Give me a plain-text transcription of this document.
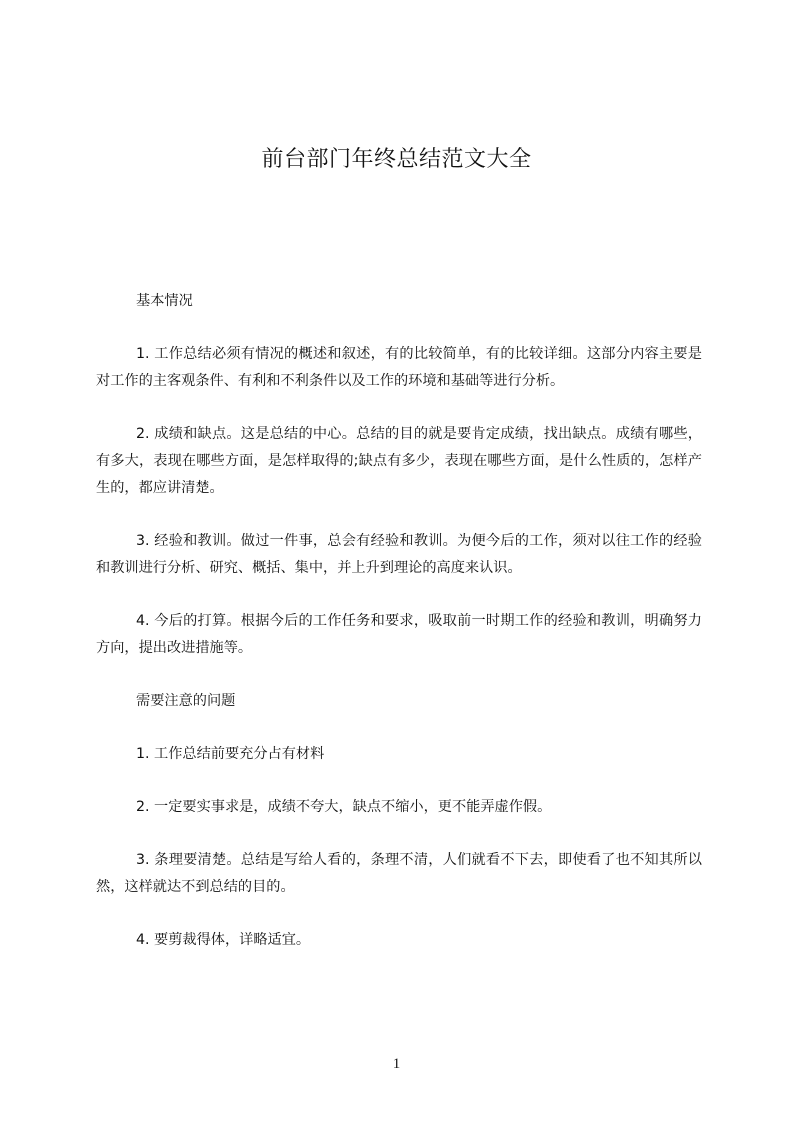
前台部门年终总结范文大全

基本情况

1. 工作总结必须有情况的概述和叙述，有的比较简单，有的比较详细。这部分内容主要是对工作的主客观条件、有利和不利条件以及工作的环境和基础等进行分析。

2. 成绩和缺点。这是总结的中心。总结的目的就是要肯定成绩，找出缺点。成绩有哪些，有多大，表现在哪些方面，是怎样取得的;缺点有多少，表现在哪些方面，是什么性质的，怎样产生的，都应讲清楚。

3. 经验和教训。做过一件事，总会有经验和教训。为便今后的工作，须对以往工作的经验和教训进行分析、研究、概括、集中，并上升到理论的高度来认识。

4. 今后的打算。根据今后的工作任务和要求，吸取前一时期工作的经验和教训，明确努力方向，提出改进措施等。

需要注意的问题

1. 工作总结前要充分占有材料

2. 一定要实事求是，成绩不夸大，缺点不缩小，更不能弄虚作假。

3. 条理要清楚。总结是写给人看的，条理不清，人们就看不下去，即使看了也不知其所以然，这样就达不到总结的目的。

4. 要剪裁得体，详略适宜。

1
